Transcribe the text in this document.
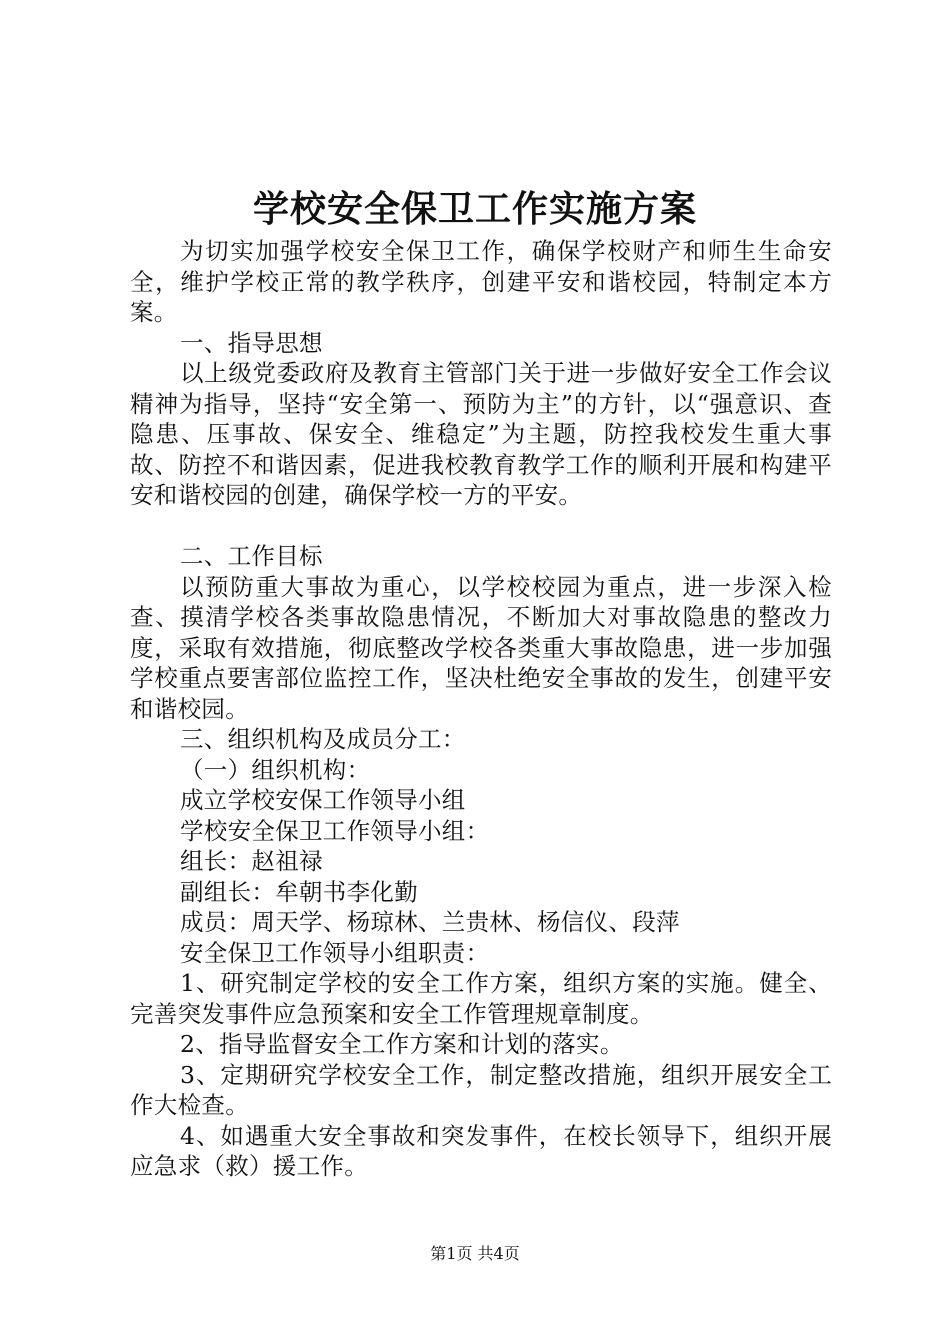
学校安全保卫工作实施方案

为切实加强学校安全保卫工作，确保学校财产和师生生命安全，维护学校正常的教学秩序，创建平安和谐校园，特制定本方案。

一、指导思想

以上级党委政府及教育主管部门关于进一步做好安全工作会议精神为指导，坚持“安全第一、预防为主”的方针，以“强意识、查隐患、压事故、保安全、维稳定”为主题，防控我校发生重大事故、防控不和谐因素，促进我校教育教学工作的顺利开展和构建平安和谐校园的创建，确保学校一方的平安。

二、工作目标

以预防重大事故为重心，以学校校园为重点，进一步深入检查、摸清学校各类事故隐患情况，不断加大对事故隐患的整改力度，采取有效措施，彻底整改学校各类重大事故隐患，进一步加强学校重点要害部位监控工作，坚决杜绝安全事故的发生，创建平安和谐校园。

三、组织机构及成员分工：

（一）组织机构：

成立学校安保工作领导小组

学校安全保卫工作领导小组：

组长：赵祖禄

副组长：牟朝书李化勤

成员：周天学、杨琼林、兰贵林、杨信仪、段萍

安全保卫工作领导小组职责：

1、研究制定学校的安全工作方案，组织方案的实施。健全、完善突发事件应急预案和安全工作管理规章制度。

2、指导监督安全工作方案和计划的落实。

3、定期研究学校安全工作，制定整改措施，组织开展安全工作大检查。

4、如遇重大安全事故和突发事件，在校长领导下，组织开展应急求（救）援工作。

第1页 共4页
